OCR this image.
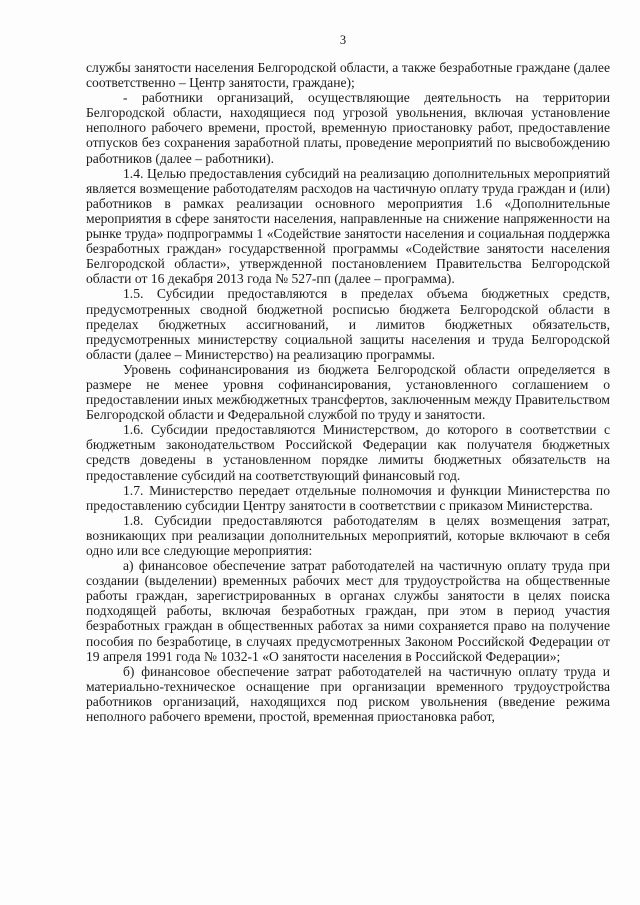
3

службы занятости населения Белгородской области, а также безработные граждане (далее соответственно – Центр занятости, граждане);

- работники организаций, осуществляющие деятельность на территории Белгородской области, находящиеся под угрозой увольнения, включая установление неполного рабочего времени, простой, временную приостановку работ, предоставление отпусков без сохранения заработной платы, проведение мероприятий по высвобождению работников (далее – работники).

1.4. Целью предоставления субсидий на реализацию дополнительных мероприятий является возмещение работодателям расходов на частичную оплату труда граждан и (или) работников в рамках реализации основного мероприятия 1.6 «Дополнительные мероприятия в сфере занятости населения, направленные на снижение напряженности на рынке труда» подпрограммы 1 «Содействие занятости населения и социальная поддержка безработных граждан» государственной программы «Содействие занятости населения Белгородской области», утвержденной постановлением Правительства Белгородской области от 16 декабря 2013 года № 527-пп (далее – программа).

1.5. Субсидии предоставляются в пределах объема бюджетных средств, предусмотренных сводной бюджетной росписью бюджета Белгородской области в пределах бюджетных ассигнований, и лимитов бюджетных обязательств, предусмотренных министерству социальной защиты населения и труда Белгородской области (далее – Министерство) на реализацию программы.

Уровень софинансирования из бюджета Белгородской области определяется в размере не менее уровня софинансирования, установленного соглашением о предоставлении иных межбюджетных трансфертов, заключенным между Правительством Белгородской области и Федеральной службой по труду и занятости.

1.6. Субсидии предоставляются Министерством, до которого в соответствии с бюджетным законодательством Российской Федерации как получателя бюджетных средств доведены в установленном порядке лимиты бюджетных обязательств на предоставление субсидий на соответствующий финансовый год.

1.7. Министерство передает отдельные полномочия и функции Министерства по предоставлению субсидии Центру занятости в соответствии с приказом Министерства.

1.8. Субсидии предоставляются работодателям в целях возмещения затрат, возникающих при реализации дополнительных мероприятий, которые включают в себя одно или все следующие мероприятия:

а) финансовое обеспечение затрат работодателей на частичную оплату труда при создании (выделении) временных рабочих мест для трудоустройства на общественные работы граждан, зарегистрированных в органах службы занятости в целях поиска подходящей работы, включая безработных граждан, при этом в период участия безработных граждан в общественных работах за ними сохраняется право на получение пособия по безработице, в случаях предусмотренных Законом Российской Федерации от 19 апреля 1991 года № 1032-1 «О занятости населения в Российской Федерации»;

б) финансовое обеспечение затрат работодателей на частичную оплату труда и материально-техническое оснащение при организации временного трудоустройства работников организаций, находящихся под риском увольнения (введение режима неполного рабочего времени, простой, временная приостановка работ,
